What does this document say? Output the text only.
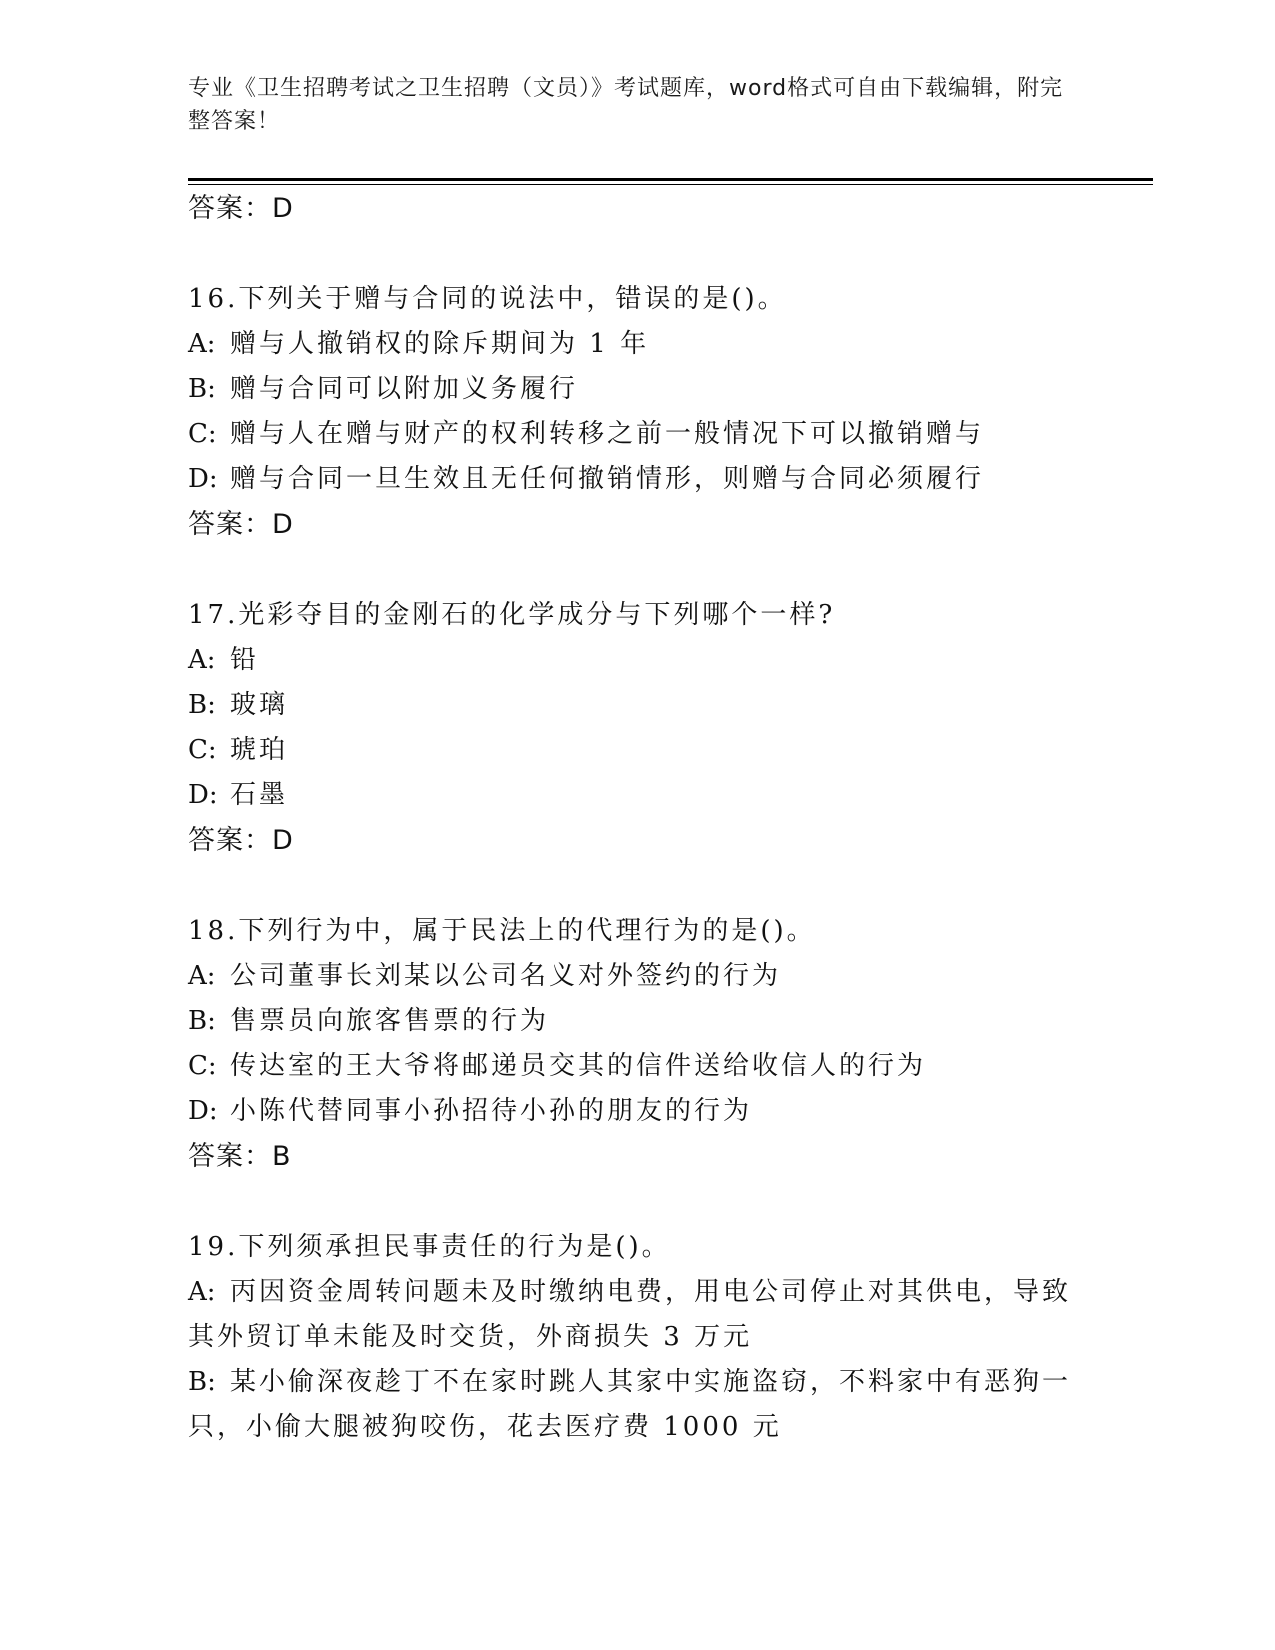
专业《卫生招聘考试之卫生招聘（文员）》考试题库，word格式可自由下载编辑，附完整答案！
答案：D
16.下列关于赠与合同的说法中，错误的是()。
A: 赠与人撤销权的除斥期间为 1 年
B: 赠与合同可以附加义务履行
C: 赠与人在赠与财产的权利转移之前一般情况下可以撤销赠与
D: 赠与合同一旦生效且无任何撤销情形，则赠与合同必须履行
答案：D
17.光彩夺目的金刚石的化学成分与下列哪个一样?
A: 铅
B: 玻璃
C: 琥珀
D: 石墨
答案：D
18.下列行为中，属于民法上的代理行为的是()。
A: 公司董事长刘某以公司名义对外签约的行为
B: 售票员向旅客售票的行为
C: 传达室的王大爷将邮递员交其的信件送给收信人的行为
D: 小陈代替同事小孙招待小孙的朋友的行为
答案：B
19.下列须承担民事责任的行为是()。
A: 丙因资金周转问题未及时缴纳电费，用电公司停止对其供电，导致
其外贸订单未能及时交货，外商损失 3 万元
B: 某小偷深夜趁丁不在家时跳人其家中实施盗窃，不料家中有恶狗一
只，小偷大腿被狗咬伤，花去医疗费 1000 元
